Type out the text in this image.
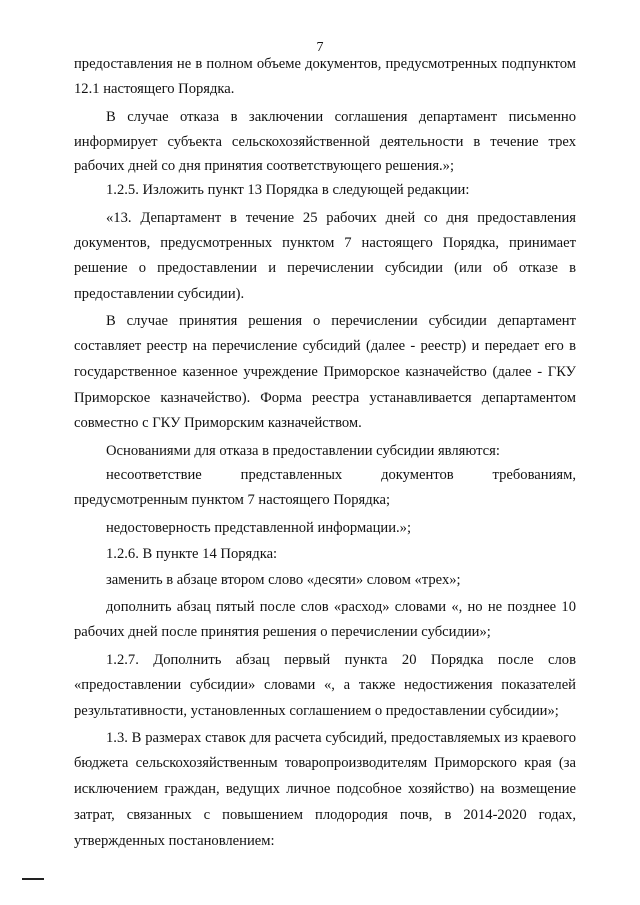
7
предоставления не в полном объеме документов, предусмотренных подпунктом
12.1 настоящего Порядка.
В случае отказа в заключении соглашения департамент письменно
информирует субъекта сельскохозяйственной деятельности в течение трех
рабочих дней со дня принятия соответствующего решения.»;
1.2.5. Изложить пункт 13 Порядка в следующей редакции:
«13. Департамент в течение 25 рабочих дней со дня предоставления
документов, предусмотренных пунктом 7 настоящего Порядка, принимает
решение о предоставлении и перечислении субсидии (или об отказе в
предоставлении субсидии).
В случае принятия решения о перечислении субсидии департамент
составляет реестр на перечисление субсидий (далее - реестр) и передает его в
государственное казенное учреждение Приморское казначейство (далее - ГКУ
Приморское казначейство). Форма реестра устанавливается департаментом
совместно с ГКУ Приморским казначейством.
Основаниями для отказа в предоставлении субсидии являются:
несоответствие представленных документов требованиям,
предусмотренным пунктом 7 настоящего Порядка;
недостоверность представленной информации.»;
1.2.6. В пункте 14 Порядка:
заменить в абзаце втором слово «десяти» словом «трех»;
дополнить абзац пятый после слов «расход» словами «, но не позднее 10
рабочих дней после принятия решения о перечислении субсидии»;
1.2.7. Дополнить абзац первый пункта 20 Порядка после слов
«предоставлении субсидии» словами «, а также недостижения показателей
результативности, установленных соглашением о предоставлении субсидии»;
1.3. В размерах ставок для расчета субсидий, предоставляемых из краевого
бюджета сельскохозяйственным товаропроизводителям Приморского края (за
исключением граждан, ведущих личное подсобное хозяйство) на возмещение
затрат, связанных с повышением плодородия почв, в 2014-2020 годах,
утвержденных постановлением:
